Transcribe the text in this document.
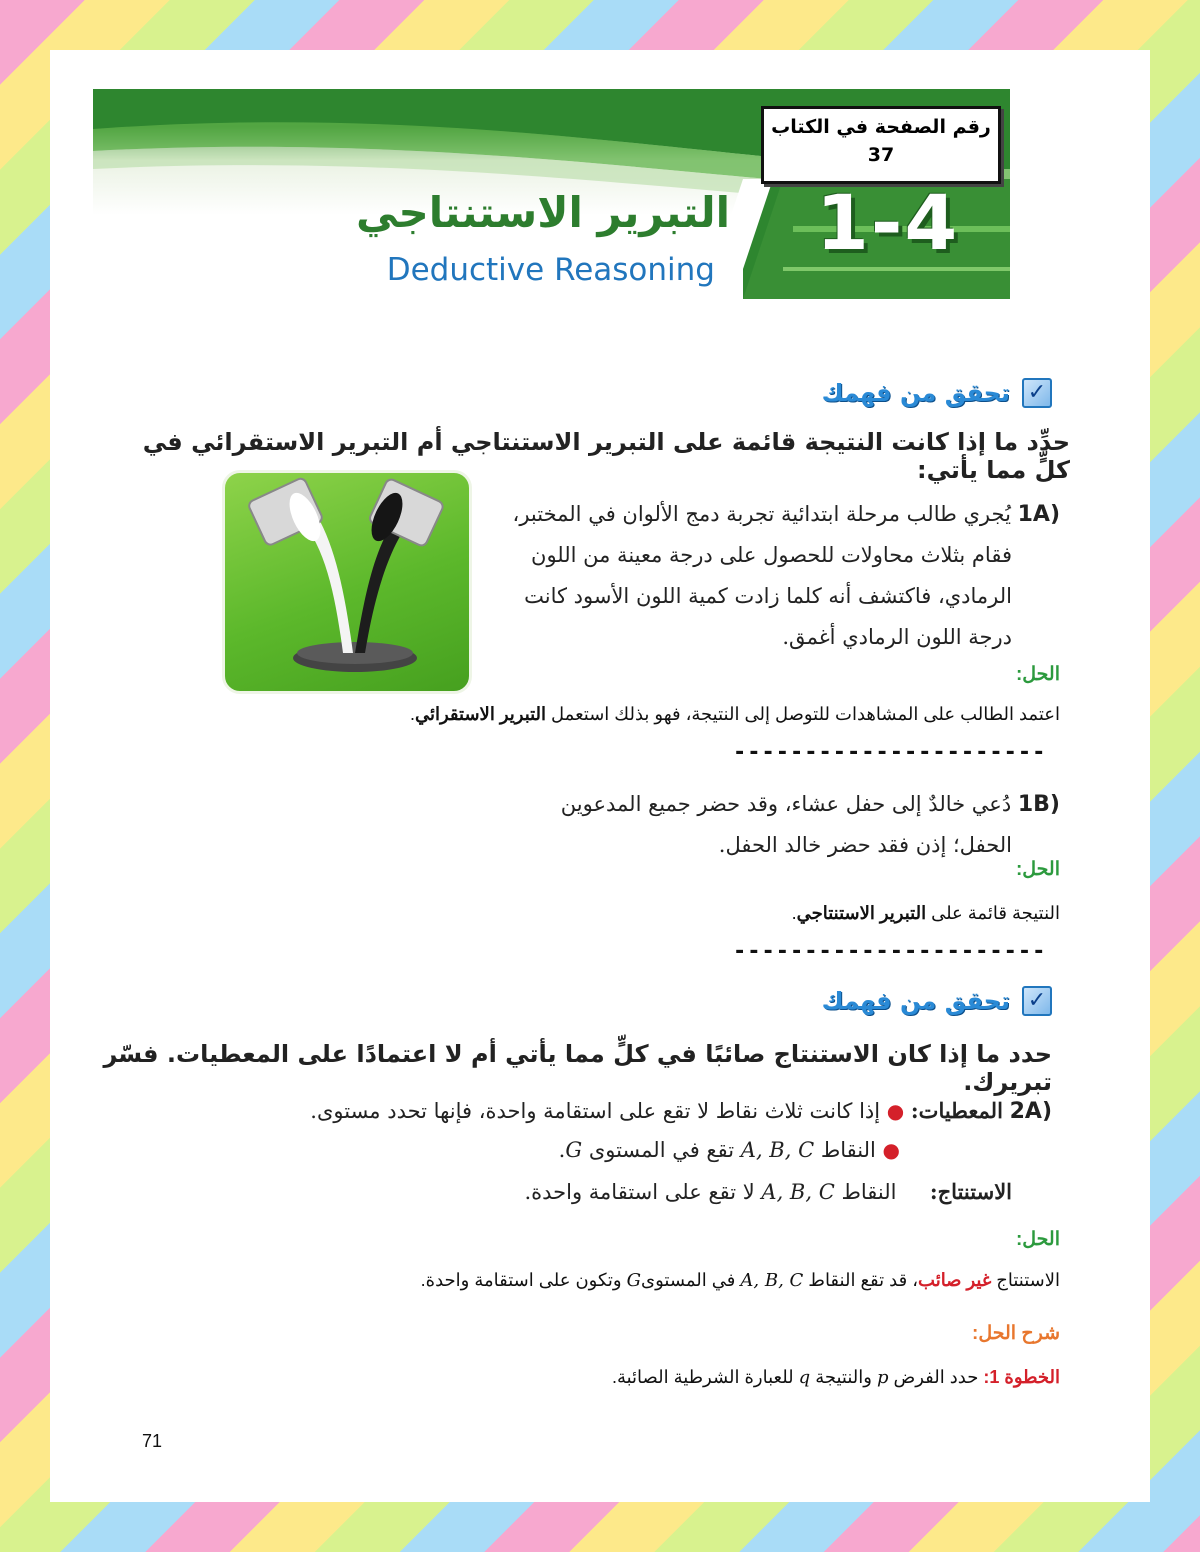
رقم الصفحة في الكتاب
37
1-4
التبرير الاستنتاجي
Deductive Reasoning
✓
تحقق من فهمك
حدِّد ما إذا كانت النتيجة قائمة على التبرير الاستنتاجي أم التبرير الاستقرائي في كلٍّ مما يأتي:
1A) يُجري طالب مرحلة ابتدائية تجربة دمج الألوان في المختبر،
فقام بثلاث محاولات للحصول على درجة معينة من اللون
الرمادي، فاكتشف أنه كلما زادت كمية اللون الأسود كانت
درجة اللون الرمادي أغمق.
الحل:
اعتمد الطالب على المشاهدات للتوصل إلى النتيجة، فهو بذلك استعمل التبرير الاستقرائي.
----------------------
1B) دُعي خالدٌ إلى حفل عشاء، وقد حضر جميع المدعوين
الحفل؛ إذن فقد حضر خالد الحفل.
الحل:
النتيجة قائمة على التبرير الاستنتاجي.
----------------------
✓
تحقق من فهمك
حدد ما إذا كان الاستنتاج صائبًا في كلٍّ مما يأتي أم لا اعتمادًا على المعطيات. فسّر تبريرك.
2A) المعطيات: ● إذا كانت ثلاث نقاط لا تقع على استقامة واحدة، فإنها تحدد مستوى.
● النقاط A, B, C تقع في المستوى G.
الاستنتاج:     النقاط A, B, C لا تقع على استقامة واحدة.
الحل:
الاستنتاج غير صائب، قد تقع النقاط A, B, C في المستوىG وتكون على استقامة واحدة.
شرح الحل:
الخطوة 1: حدد الفرض p والنتيجة q للعبارة الشرطية الصائبة.
71
